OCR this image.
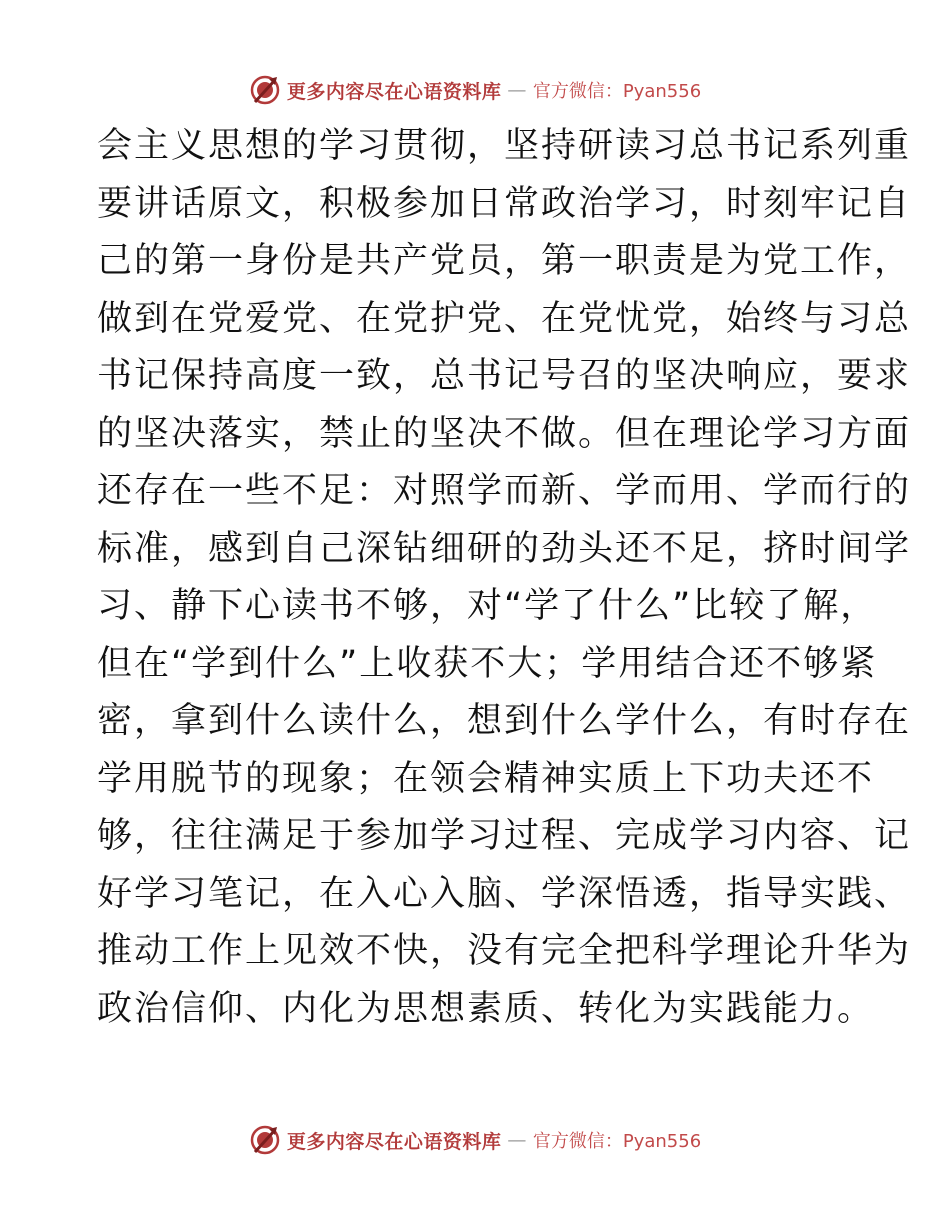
更多内容尽在心语资料库 — 官方微信：Pyan556
会主义思想的学习贯彻，坚持研读习总书记系列重
要讲话原文，积极参加日常政治学习，时刻牢记自
己的第一身份是共产党员，第一职责是为党工作，
做到在党爱党、在党护党、在党忧党，始终与习总
书记保持高度一致，总书记号召的坚决响应，要求
的坚决落实，禁止的坚决不做。但在理论学习方面
还存在一些不足：对照学而新、学而用、学而行的
标准，感到自己深钻细研的劲头还不足，挤时间学
习、静下心读书不够，对“学了什么”比较了解，
但在“学到什么”上收获不大；学用结合还不够紧
密，拿到什么读什么，想到什么学什么，有时存在
学用脱节的现象；在领会精神实质上下功夫还不
够，往往满足于参加学习过程、完成学习内容、记
好学习笔记，在入心入脑、学深悟透，指导实践、
推动工作上见效不快，没有完全把科学理论升华为
政治信仰、内化为思想素质、转化为实践能力。
更多内容尽在心语资料库 — 官方微信：Pyan556
